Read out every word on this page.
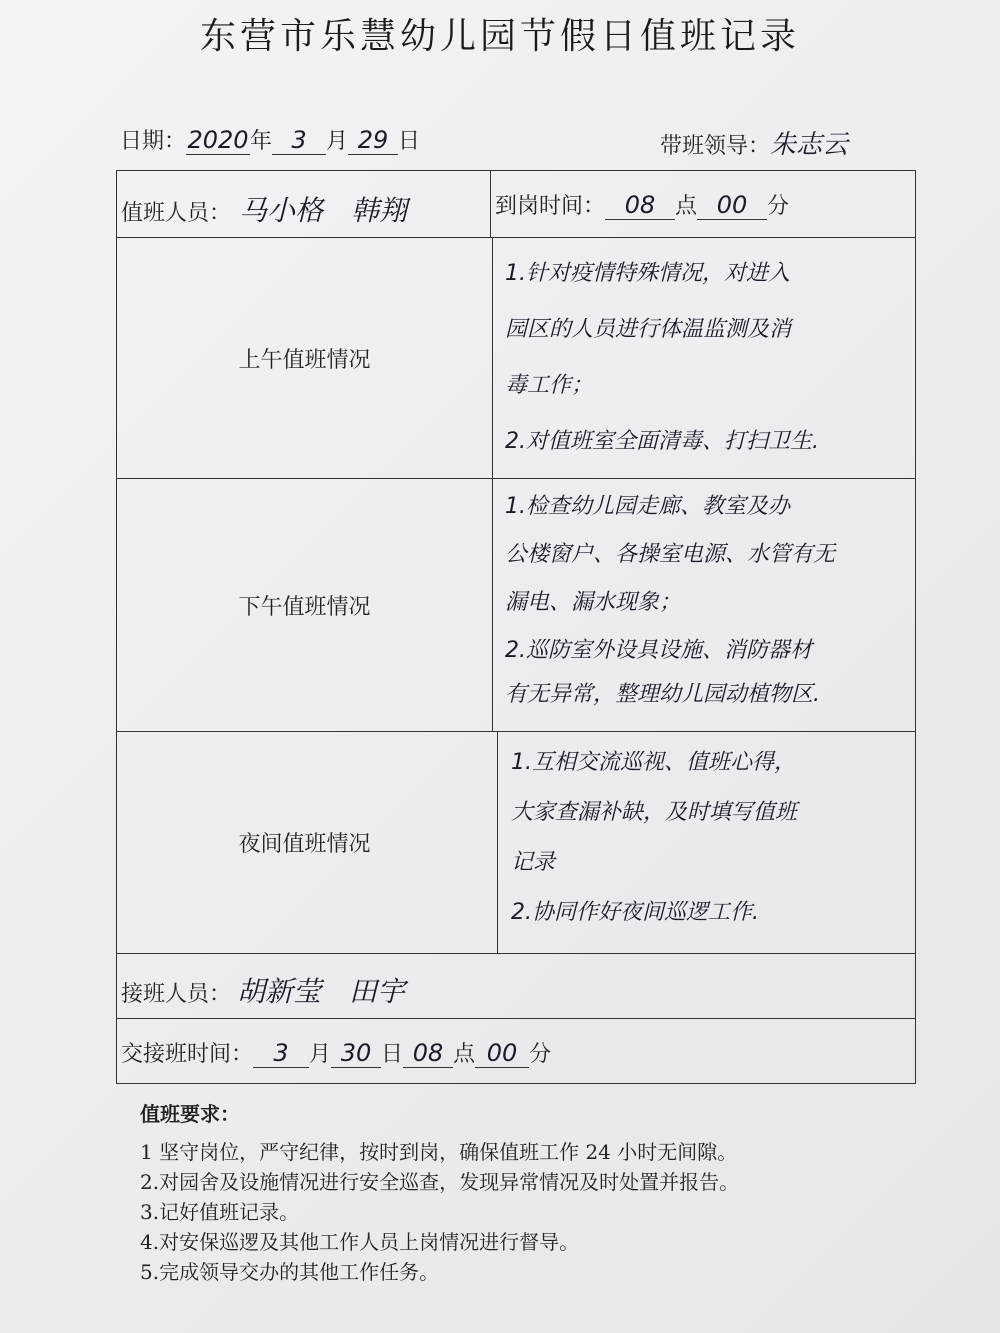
东营市乐慧幼儿园节假日值班记录
日期：2020年 3 月 29 日	带班领导：朱志云
值班人员： 马小格　韩翔	到岗时间： 08 点 00 分
上午值班情况
1.针对疫情特殊情况，对进入
园区的人员进行体温监测及消
毒工作；
2.对值班室全面清毒、打扫卫生.
下午值班情况
1.检查幼儿园走廊、教室及办
公楼窗户、各操室电源、水管有无
漏电、漏水现象；
2.巡防室外设具设施、消防器材
有无异常，整理幼儿园动植物区.
夜间值班情况
1.互相交流巡视、值班心得，
大家查漏补缺，及时填写值班
记录
2.协同作好夜间巡逻工作.
接班人员： 胡新莹　田宇
交接班时间： 3 月 30 日 08 点 00 分
值班要求：
1 坚守岗位，严守纪律，按时到岗，确保值班工作 24 小时无间隙。
2.对园舍及设施情况进行安全巡查，发现异常情况及时处置并报告。
3.记好值班记录。
4.对安保巡逻及其他工作人员上岗情况进行督导。
5.完成领导交办的其他工作任务。
